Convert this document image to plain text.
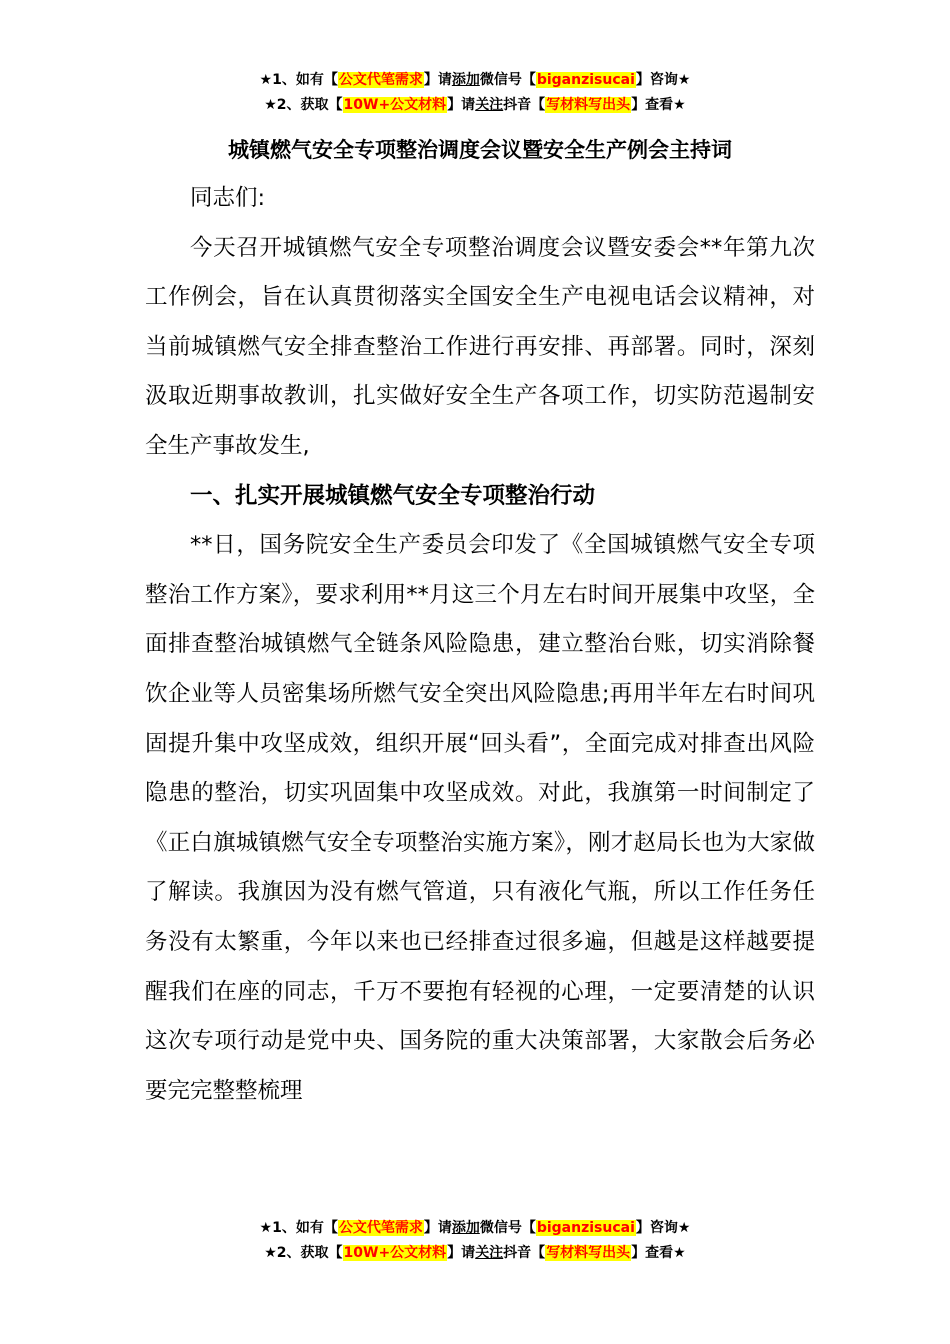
★1、如有【公文代笔需求】请添加微信号【biganzisucai】咨询★
★2、获取【10W+公文材料】请关注抖音【写材料写出头】查看★
城镇燃气安全专项整治调度会议暨安全生产例会主持词

同志们:

今天召开城镇燃气安全专项整治调度会议暨安委会**年第九次工作例会，旨在认真贯彻落实全国安全生产电视电话会议精神，对当前城镇燃气安全排查整治工作进行再安排、再部署。同时，深刻汲取近期事故教训，扎实做好安全生产各项工作，切实防范遏制安全生产事故发生,

一、扎实开展城镇燃气安全专项整治行动

**日，国务院安全生产委员会印发了《全国城镇燃气安全专项整治工作方案》，要求利用**月这三个月左右时间开展集中攻坚，全面排查整治城镇燃气全链条风险隐患，建立整治台账，切实消除餐饮企业等人员密集场所燃气安全突出风险隐患;再用半年左右时间巩固提升集中攻坚成效，组织开展“回头看”，全面完成对排查出风险隐患的整治，切实巩固集中攻坚成效。对此，我旗第一时间制定了《正白旗城镇燃气安全专项整治实施方案》，刚才赵局长也为大家做了解读。我旗因为没有燃气管道，只有液化气瓶，所以工作任务任务没有太繁重，今年以来也已经排查过很多遍，但越是这样越要提醒我们在座的同志，千万不要抱有轻视的心理，一定要清楚的认识这次专项行动是党中央、国务院的重大决策部署，大家散会后务必要完完整整梳理

★1、如有【公文代笔需求】请添加微信号【biganzisucai】咨询★
★2、获取【10W+公文材料】请关注抖音【写材料写出头】查看★
